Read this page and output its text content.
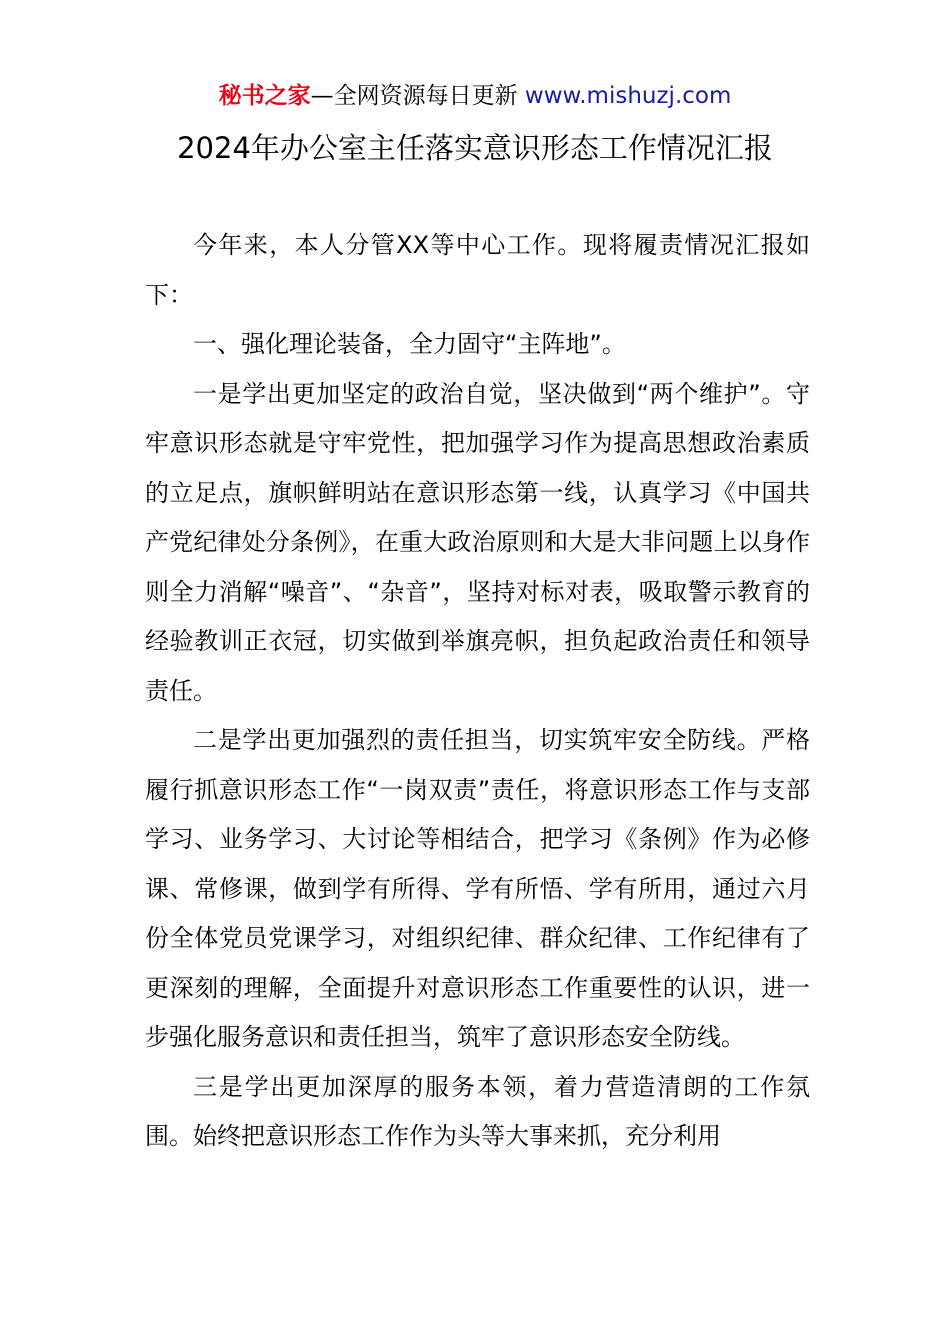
秘书之家—全网资源每日更新 www.mishuzj.com
2024年办公室主任落实意识形态工作情况汇报

今年来，本人分管XX等中心工作。现将履责情况汇报如下：

一、强化理论装备，全力固守“主阵地”。

一是学出更加坚定的政治自觉，坚决做到“两个维护”。守牢意识形态就是守牢党性，把加强学习作为提高思想政治素质的立足点，旗帜鲜明站在意识形态第一线，认真学习《中国共产党纪律处分条例》，在重大政治原则和大是大非问题上以身作则全力消解“噪音”、“杂音”，坚持对标对表，吸取警示教育的经验教训正衣冠，切实做到举旗亮帜，担负起政治责任和领导责任。

二是学出更加强烈的责任担当，切实筑牢安全防线。严格履行抓意识形态工作“一岗双责”责任，将意识形态工作与支部学习、业务学习、大讨论等相结合，把学习《条例》作为必修课、常修课，做到学有所得、学有所悟、学有所用，通过六月份全体党员党课学习，对组织纪律、群众纪律、工作纪律有了更深刻的理解，全面提升对意识形态工作重要性的认识，进一步强化服务意识和责任担当，筑牢了意识形态安全防线。

三是学出更加深厚的服务本领，着力营造清朗的工作氛围。始终把意识形态工作作为头等大事来抓，充分利用
